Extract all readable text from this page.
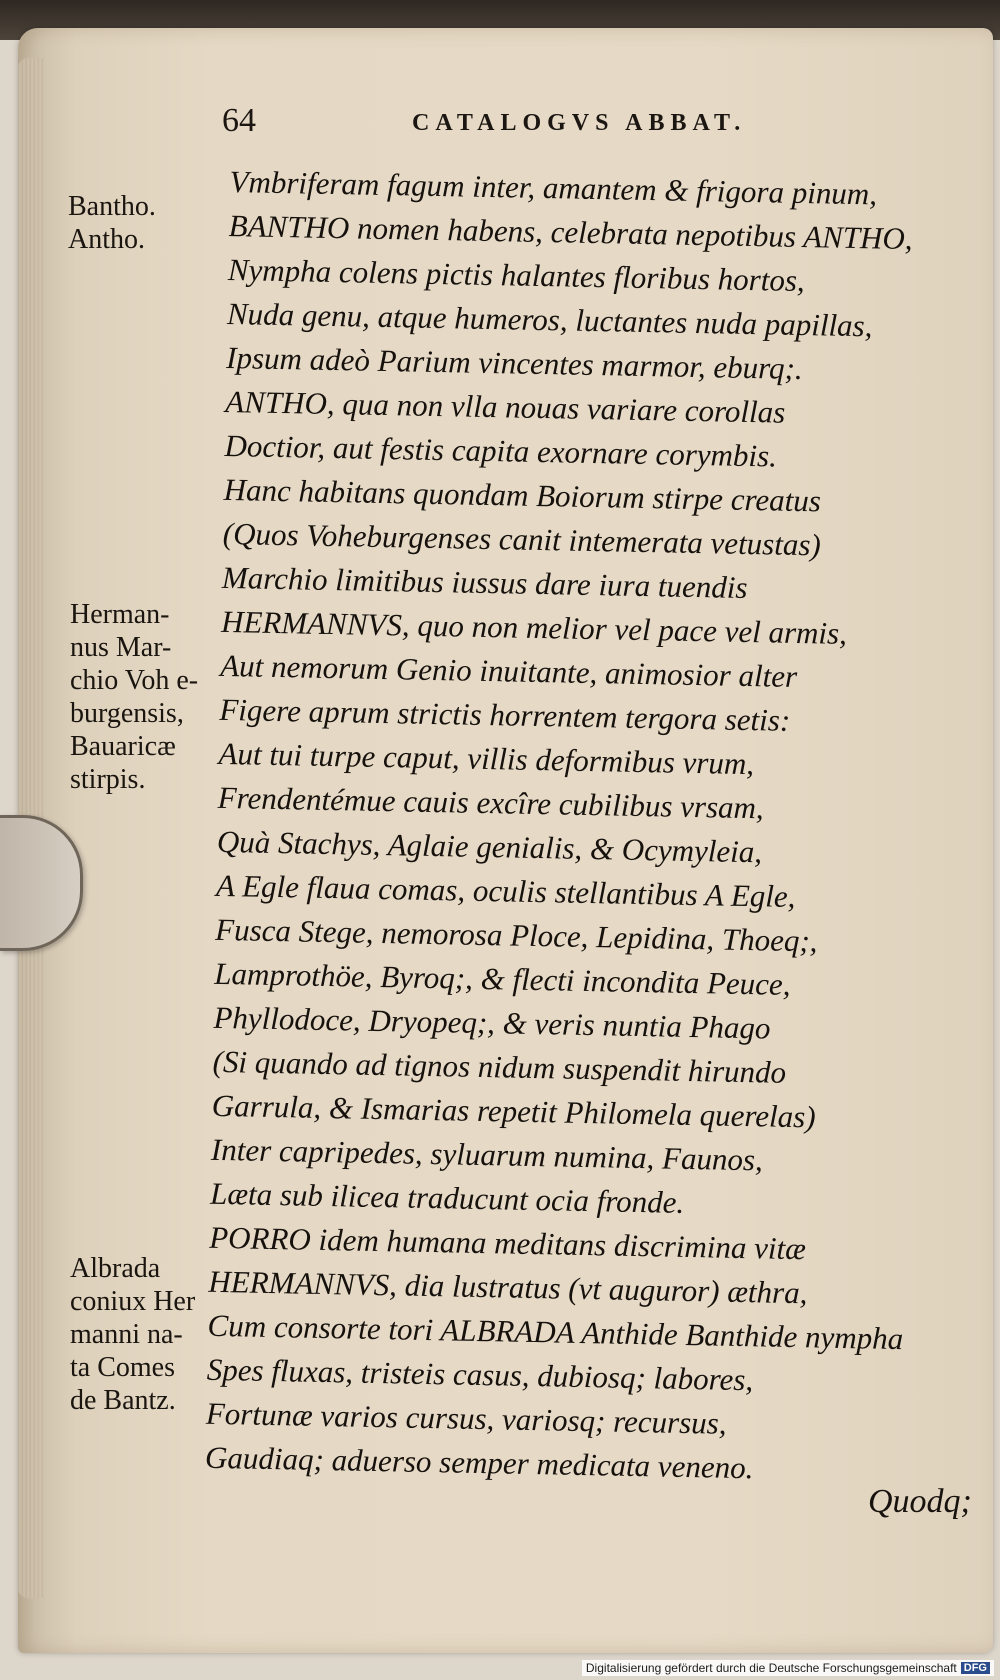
64	CATALOGVS ABBAT.
Bantho.
Antho.
Herman-
nus Mar-
chio Voh e-
burgensis,
Bauaricæ
stirpis.
Albrada
coniux Her
manni na-
ta Comes
de Bantz.
Vmbriferam fagum inter, amantem & frigora pinum,
BANTHO nomen habens, celebrata nepotibus ANTHO,
Nympha colens pictis halantes floribus hortos,
Nuda genu, atque humeros, luctantes nuda papillas,
Ipsum adeò Parium vincentes marmor, eburq;.
ANTHO, qua non vlla nouas variare corollas
Doctior, aut festis capita exornare corymbis.
Hanc habitans quondam Boiorum stirpe creatus
(Quos Voheburgenses canit intemerata vetustas)
Marchio limitibus iussus dare iura tuendis
HERMANNVS, quo non melior vel pace vel armis,
Aut nemorum Genio inuitante, animosior alter
Figere aprum strictis horrentem tergora setis:
Aut tui turpe caput, villis deformibus vrum,
Frendentémue cauis excîre cubilibus vrsam,
Quà Stachys, Aglaie genialis, & Ocymyleia,
A Egle flaua comas, oculis stellantibus A Egle,
Fusca Stege, nemorosa Ploce, Lepidina, Thoeq;,
Lamprothöe, Byroq;, & flecti incondita Peuce,
Phyllodoce, Dryopeq;, & veris nuntia Phago
(Si quando ad tignos nidum suspendit hirundo
Garrula, & Ismarias repetit Philomela querelas)
Inter capripedes, syluarum numina, Faunos,
Læta sub ilicea traducunt ocia fronde.
PORRO idem humana meditans discrimina vitæ
HERMANNVS, dia lustratus (vt auguror) æthra,
Cum consorte tori ALBRADA Anthide Banthide nympha
Spes fluxas, tristeis casus, dubiosq; labores,
Fortunæ varios cursus, variosq; recursus,
Gaudiaq; aduerso semper medicata veneno.
Quodq;
Digitalisierung gefördert durch die Deutsche Forschungsgemeinschaft DFG
